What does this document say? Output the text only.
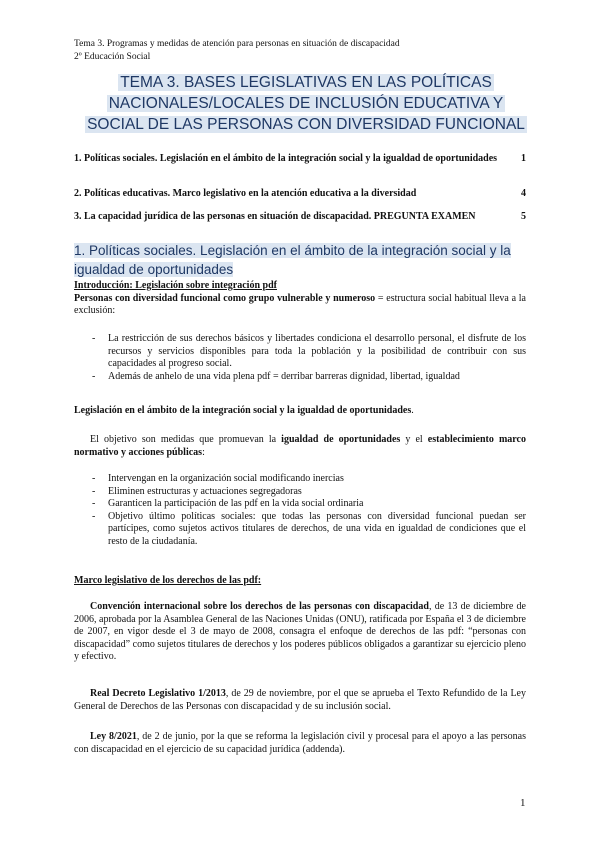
Tema 3. Programas y medidas de atención para personas en situación de discapacidad
2º Educación Social
TEMA 3. BASES LEGISLATIVAS EN LAS POLÍTICAS
NACIONALES/LOCALES DE INCLUSIÓN EDUCATIVA Y
SOCIAL DE LAS PERSONAS CON DIVERSIDAD FUNCIONAL
1. Políticas sociales. Legislación en el ámbito de la integración social y la igualdad de oportunidades 1
2. Políticas educativas. Marco legislativo en la atención educativa a la diversidad	4
3. La capacidad jurídica de las personas en situación de discapacidad. PREGUNTA EXAMEN	5
1. Políticas sociales. Legislación en el ámbito de la integración social y la igualdad de oportunidades
Introducción: Legislación sobre integración pdf
Personas con diversidad funcional como grupo vulnerable y numeroso = estructura social habitual lleva a la exclusión:
- La restricción de sus derechos básicos y libertades condiciona el desarrollo personal, el disfrute de los recursos y servicios disponibles para toda la población y la posibilidad de contribuir con sus capacidades al progreso social.
- Además de anhelo de una vida plena pdf = derribar barreras dignidad, libertad, igualdad
Legislación en el ámbito de la integración social y la igualdad de oportunidades.
El objetivo son medidas que promuevan la igualdad de oportunidades y el establecimiento marco normativo y acciones públicas:
- Intervengan en la organización social modificando inercias
- Eliminen estructuras y actuaciones segregadoras
- Garanticen la participación de las pdf en la vida social ordinaria
- Objetivo último políticas sociales: que todas las personas con diversidad funcional puedan ser partícipes, como sujetos activos titulares de derechos, de una vida en igualdad de condiciones que el resto de la ciudadanía.
Marco legislativo de los derechos de las pdf:
Convención internacional sobre los derechos de las personas con discapacidad, de 13 de diciembre de 2006, aprobada por la Asamblea General de las Naciones Unidas (ONU), ratificada por España el 3 de diciembre de 2007, en vigor desde el 3 de mayo de 2008, consagra el enfoque de derechos de las pdf: “personas con discapacidad” como sujetos titulares de derechos y los poderes públicos obligados a garantizar su ejercicio pleno y efectivo.
Real Decreto Legislativo 1/2013, de 29 de noviembre, por el que se aprueba el Texto Refundido de la Ley General de Derechos de las Personas con discapacidad y de su inclusión social.
Ley 8/2021, de 2 de junio, por la que se reforma la legislación civil y procesal para el apoyo a las personas con discapacidad en el ejercicio de su capacidad jurídica (addenda).
1
